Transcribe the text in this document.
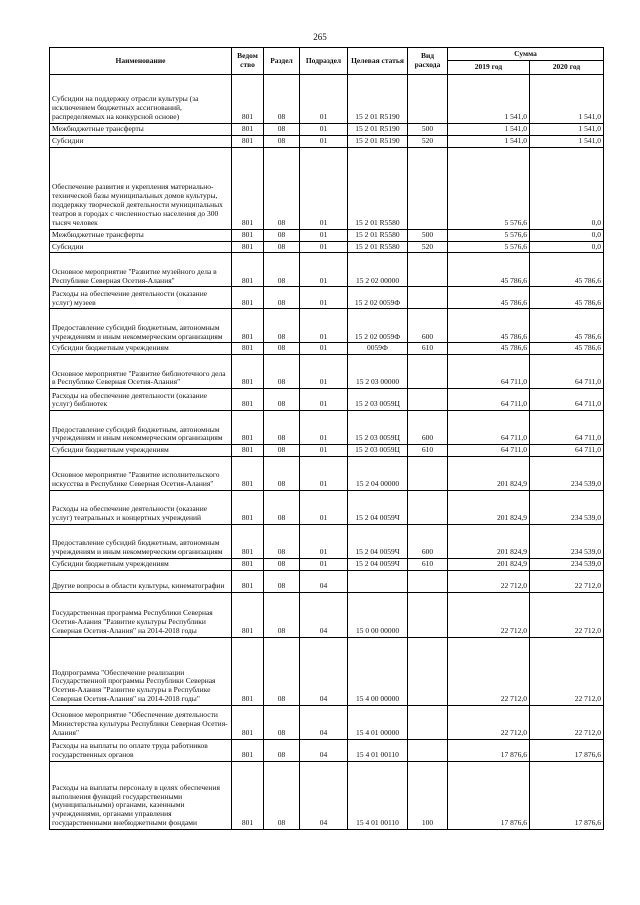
265
Наименование	Ведом ство	Раздел	Подраздел	Целевая статья	Вид расхода	Сумма	
						2019 год	2020 год
Субсидии на поддержку отрасли культуры (за исключением бюджетных ассигнований, распределяемых на конкурсной основе)	801	08	01	15 2 01 R5190		1 541,0	1 541,0
Межбюджетные трансферты	801	08	01	15 2 01 R5190	500	1 541,0	1 541,0
Субсидии	801	08	01	15 2 01 R5190	520	1 541,0	1 541,0
Обеспечение развития и укрепления материально-технической базы муниципальных домов культуры, поддержку творческой деятельности муниципальных театров в городах с численностью населения до 300 тысяч человек	801	08	01	15 2 01 R5580		5 576,6	0,0
Межбюджетные трансферты	801	08	01	15 2 01 R5580	500	5 576,6	0,0
Субсидии	801	08	01	15 2 01 R5580	520	5 576,6	0,0
Основное мероприятие "Развитие музейного дела в Республике Северная Осетия-Алания"	801	08	01	15 2 02 00000		45 786,6	45 786,6
Расходы на обеспечение деятельности (оказание услуг) музеев	801	08	01	15 2 02 0059Ф		45 786,6	45 786,6
Предоставление субсидий бюджетным, автономным учреждениям и иным некоммерческим организациям	801	08	01	15 2 02 0059Ф	600	45 786,6	45 786,6
Субсидии бюджетным учреждениям	801	08	01	0059Ф	610	45 786,6	45 786,6
Основное мероприятие "Развитие библиотечного дела в Республике Северная Осетия-Алания"	801	08	01	15 2 03 00000		64 711,0	64 711,0
Расходы на обеспечение деятельности (оказание услуг) библиотек	801	08	01	15 2 03 0059Ц		64 711,0	64 711,0
Предоставление субсидий бюджетным, автономным учреждениям и иным некоммерческим организациям	801	08	01	15 2 03 0059Ц	600	64 711,0	64 711,0
Субсидии бюджетным учреждениям	801	08	01	15 2 03 0059Ц	610	64 711,0	64 711,0
Основное мероприятие "Развитие исполнительского искусства в Республике Северная Осетия-Алания"	801	08	01	15 2 04 00000		201 824,9	234 539,0
Расходы на обеспечение деятельности (оказание услуг) театральных и концертных учреждений	801	08	01	15 2 04 0059Ч		201 824,9	234 539,0
Предоставление субсидий бюджетным, автономным учреждениям и иным некоммерческим организациям	801	08	01	15 2 04 0059Ч	600	201 824,9	234 539,0
Субсидии бюджетным учреждениям	801	08	01	15 2 04 0059Ч	610	201 824,9	234 539,0
Другие вопросы в области культуры, кинематографии	801	08	04			22 712,0	22 712,0
Государственная программа Республики Северная Осетия-Алания "Развитие культуры Республики Северная Осетия-Алания" на 2014-2018 годы	801	08	04	15 0 00 00000		22 712,0	22 712,0
Подпрограмма "Обеспечение реализации Государственной программы Республики Северная Осетия-Алания "Развитие культуры в Республике Северная Осетия-Алания" на 2014-2018 годы"	801	08	04	15 4 00 00000		22 712,0	22 712,0
Основное мероприятие "Обеспечение деятельности Министерства культуры Республики Северная Осетия-Алания"	801	08	04	15 4 01 00000		22 712,0	22 712,0
Расходы на выплаты по оплате труда работников государственных органов	801	08	04	15 4 01 00110		17 876,6	17 876,6
Расходы на выплаты персоналу в целях обеспечения выполнения функций государственными (муниципальными) органами, казенными учреждениями, органами управления государственными внебюджетными фондами	801	08	04	15 4 01 00110	100	17 876,6	17 876,6
